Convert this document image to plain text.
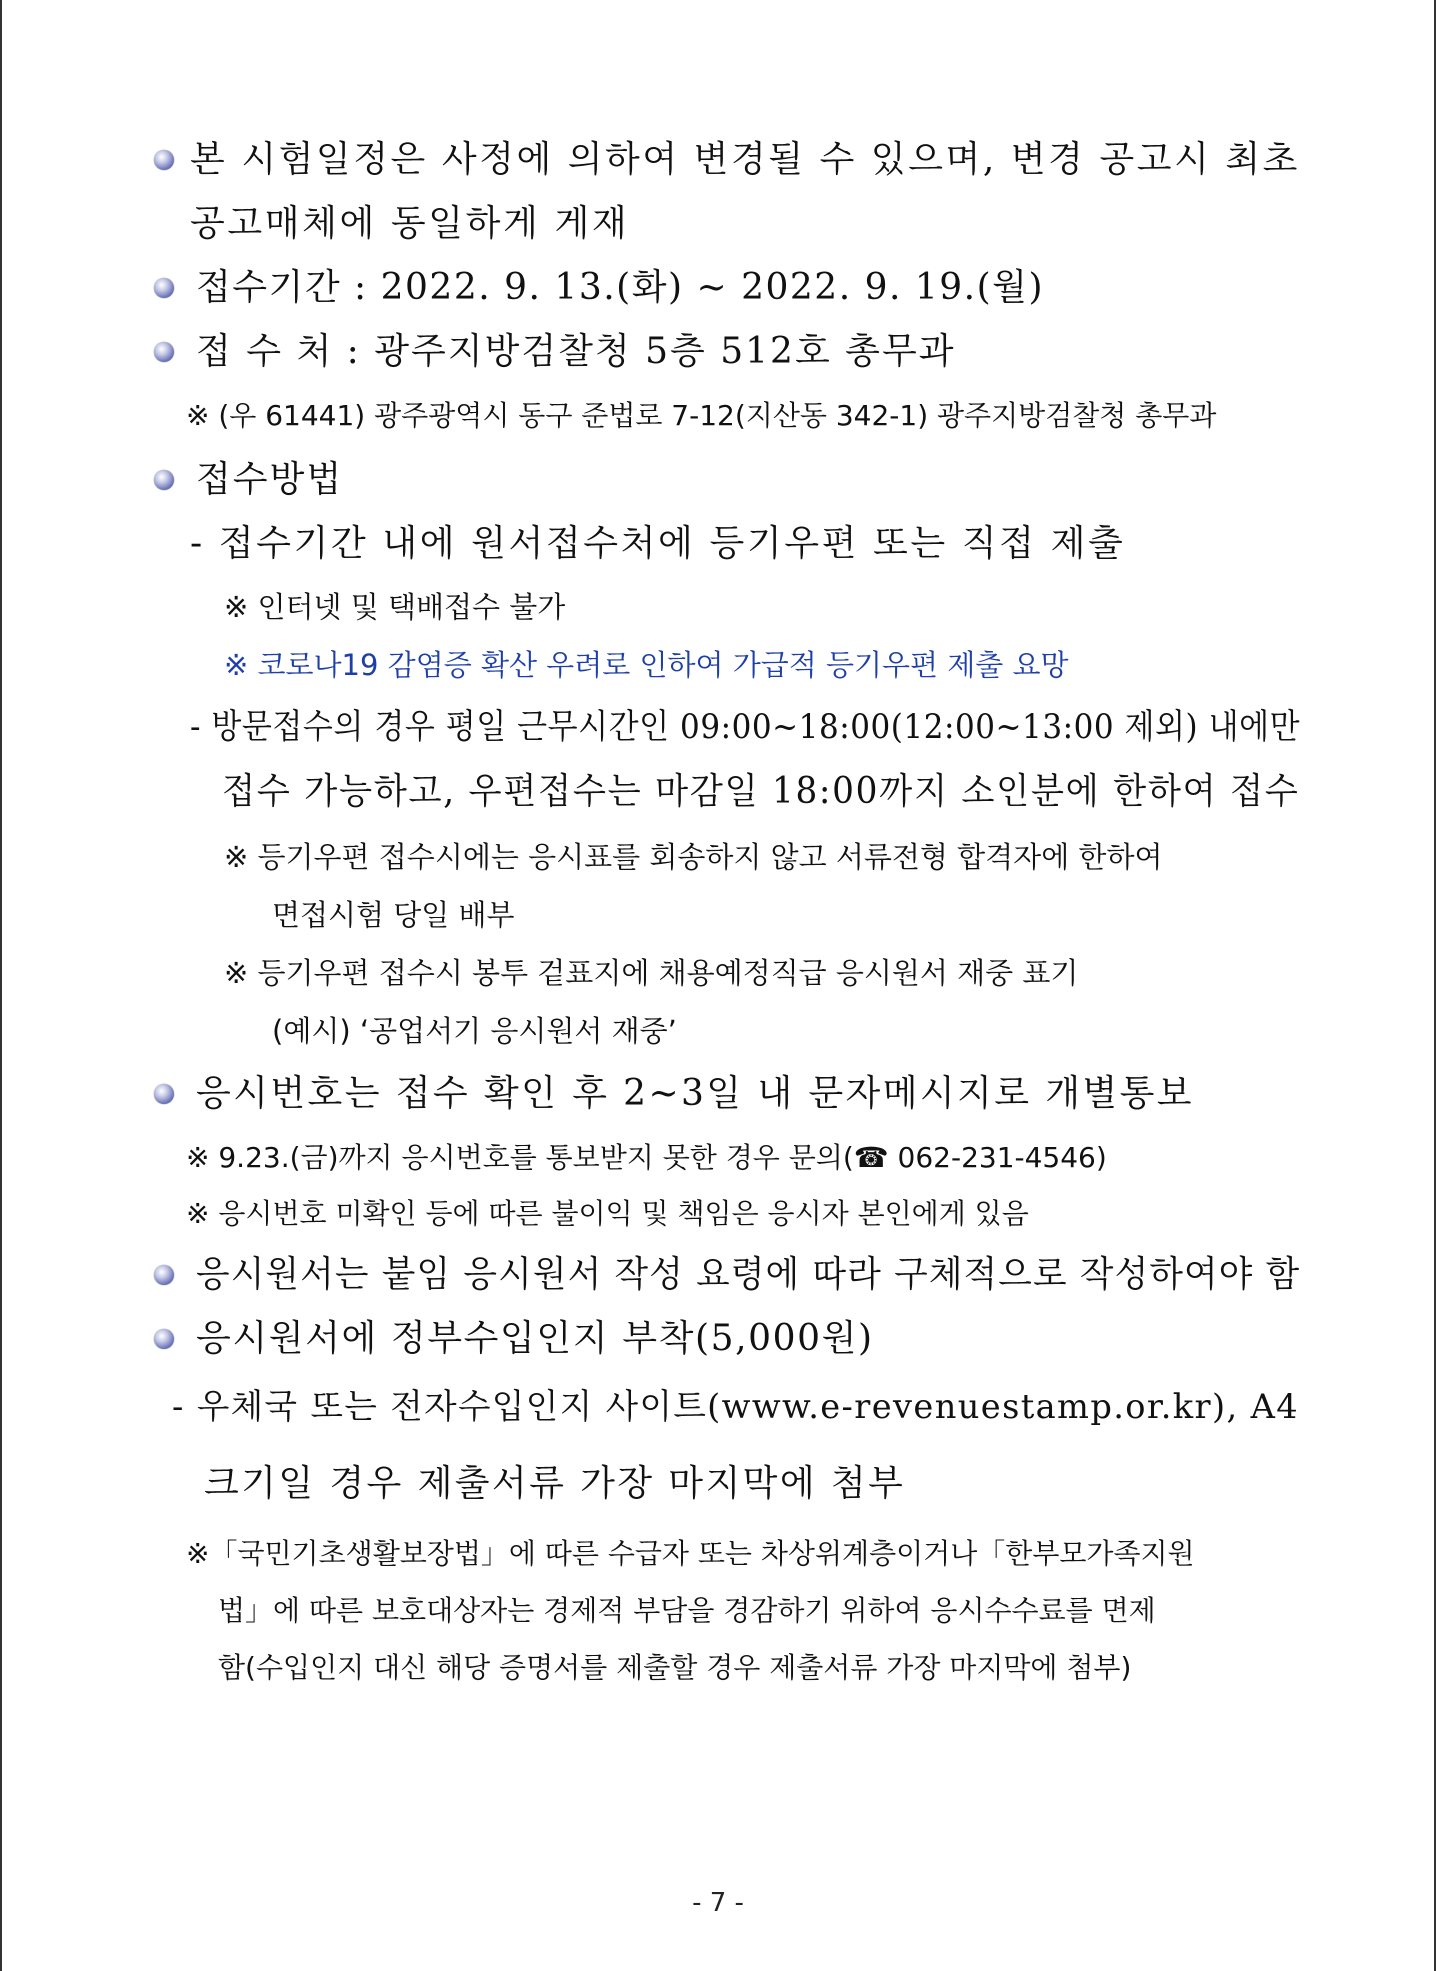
본 시험일정은 사정에 의하여 변경될 수 있으며, 변경 공고시 최초
공고매체에 동일하게 게재
접수기간 : 2022. 9. 13.(화) ~ 2022. 9. 19.(월)
접 수 처 : 광주지방검찰청 5층 512호 총무과
※ (우 61441) 광주광역시 동구 준법로 7-12(지산동 342-1) 광주지방검찰청 총무과
접수방법
- 접수기간 내에 원서접수처에 등기우편 또는 직접 제출
※ 인터넷 및 택배접수 불가
※ 코로나19 감염증 확산 우려로 인하여 가급적 등기우편 제출 요망
- 방문접수의 경우 평일 근무시간인 09:00~18:00(12:00~13:00 제외) 내에만
접수 가능하고, 우편접수는 마감일 18:00까지 소인분에 한하여 접수
※ 등기우편 접수시에는 응시표를 회송하지 않고 서류전형 합격자에 한하여
면접시험 당일 배부
※ 등기우편 접수시 봉투 겉표지에 채용예정직급 응시원서 재중 표기
(예시) ‘공업서기 응시원서 재중’
응시번호는 접수 확인 후 2~3일 내 문자메시지로 개별통보
※ 9.23.(금)까지 응시번호를 통보받지 못한 경우 문의(☎ 062-231-4546)
※ 응시번호 미확인 등에 따른 불이익 및 책임은 응시자 본인에게 있음
응시원서는 붙임 응시원서 작성 요령에 따라 구체적으로 작성하여야 함
응시원서에 정부수입인지 부착(5,000원)
- 우체국 또는 전자수입인지 사이트(www.e-revenuestamp.or.kr), A4
크기일 경우 제출서류 가장 마지막에 첨부
※「국민기초생활보장법」에 따른 수급자 또는 차상위계층이거나「한부모가족지원
법」에 따른 보호대상자는 경제적 부담을 경감하기 위하여 응시수수료를 면제
함(수입인지 대신 해당 증명서를 제출할 경우 제출서류 가장 마지막에 첨부)
- 7 -
